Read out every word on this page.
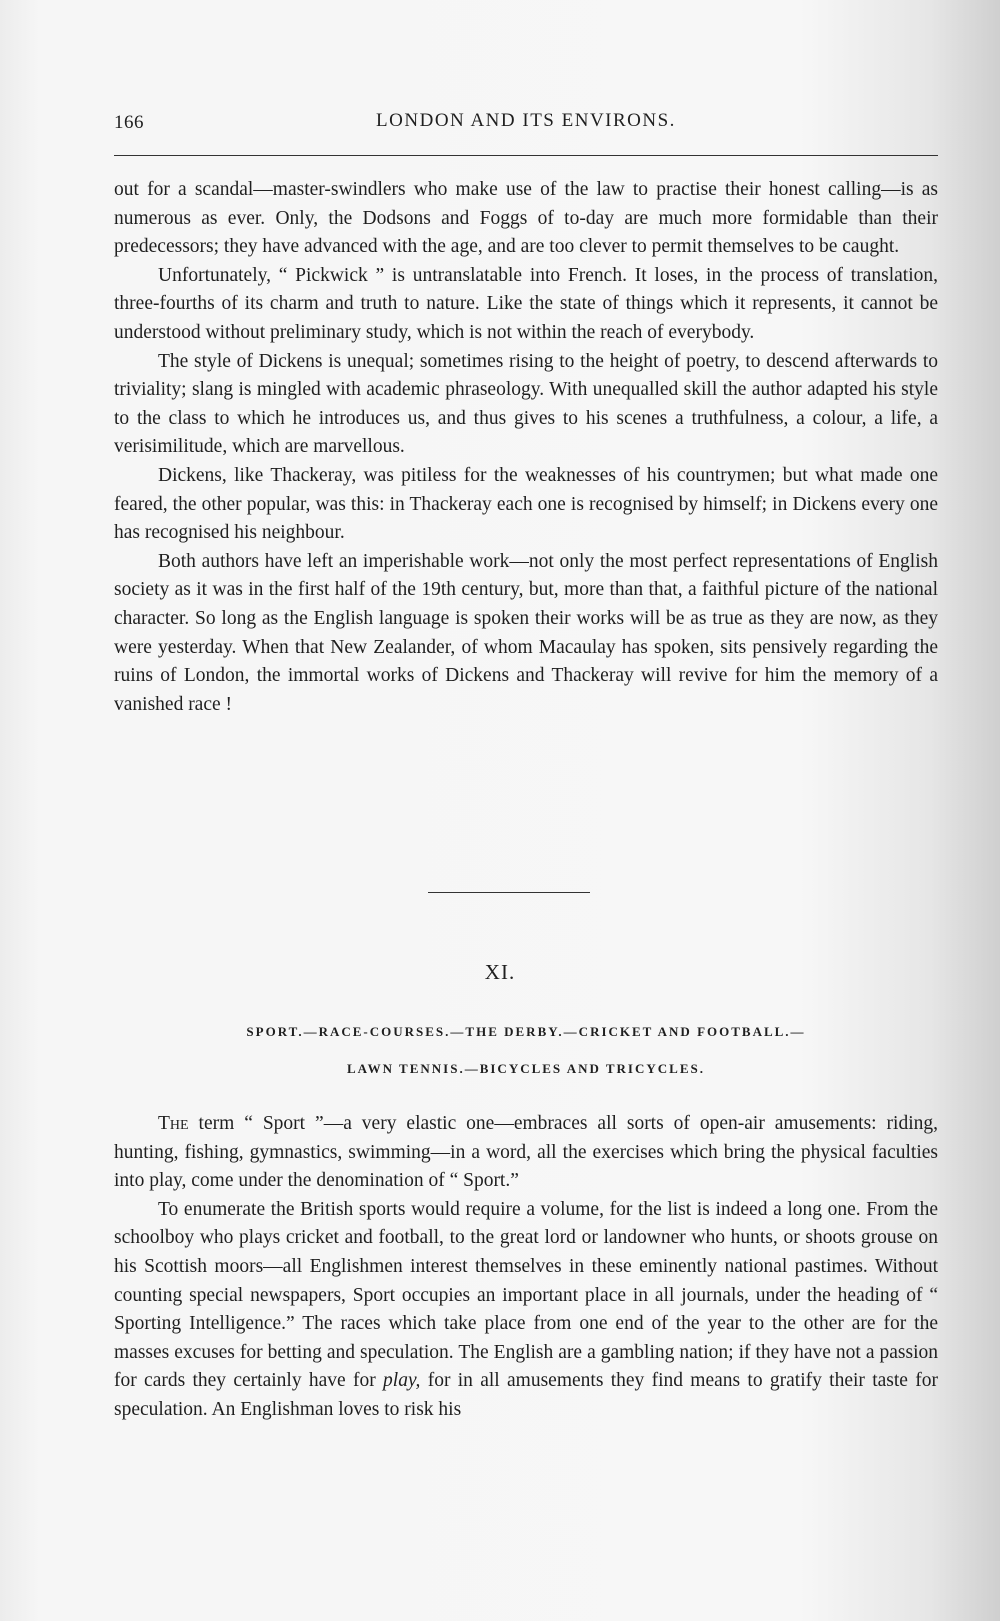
166	LONDON AND ITS ENVIRONS.

out for a scandal—master-swindlers who make use of the law to practise their honest calling—is as numerous as ever. Only, the Dodsons and Foggs of to-day are much more formidable than their predecessors; they have advanced with the age, and are too clever to permit themselves to be caught.

Unfortunately, “ Pickwick ” is untranslatable into French. It loses, in the process of translation, three-fourths of its charm and truth to nature. Like the state of things which it represents, it cannot be understood without preliminary study, which is not within the reach of everybody.

The style of Dickens is unequal; sometimes rising to the height of poetry, to descend afterwards to triviality; slang is mingled with academic phraseology. With unequalled skill the author adapted his style to the class to which he introduces us, and thus gives to his scenes a truthfulness, a colour, a life, a verisimilitude, which are marvellous.

Dickens, like Thackeray, was pitiless for the weaknesses of his countrymen; but what made one feared, the other popular, was this: in Thackeray each one is recognised by himself; in Dickens every one has recognised his neighbour.

Both authors have left an imperishable work—not only the most perfect representations of English society as it was in the first half of the 19th century, but, more than that, a faithful picture of the national character. So long as the English language is spoken their works will be as true as they are now, as they were yesterday. When that New Zealander, of whom Macaulay has spoken, sits pensively regarding the ruins of London, the immortal works of Dickens and Thackeray will revive for him the memory of a vanished race !

XI.
SPORT.—RACE-COURSES.—THE DERBY.—CRICKET AND FOOTBALL.—
LAWN TENNIS.—BICYCLES AND TRICYCLES.

The term “ Sport ”—a very elastic one—embraces all sorts of open-air amusements: riding, hunting, fishing, gymnastics, swimming—in a word, all the exercises which bring the physical faculties into play, come under the denomination of “ Sport.”

To enumerate the British sports would require a volume, for the list is indeed a long one. From the schoolboy who plays cricket and football, to the great lord or landowner who hunts, or shoots grouse on his Scottish moors—all Englishmen interest themselves in these eminently national pastimes. Without counting special newspapers, Sport occupies an important place in all journals, under the heading of “ Sporting Intelligence.” The races which take place from one end of the year to the other are for the masses excuses for betting and speculation. The English are a gambling nation; if they have not a passion for cards they certainly have for play, for in all amusements they find means to gratify their taste for speculation. An Englishman loves to risk his
